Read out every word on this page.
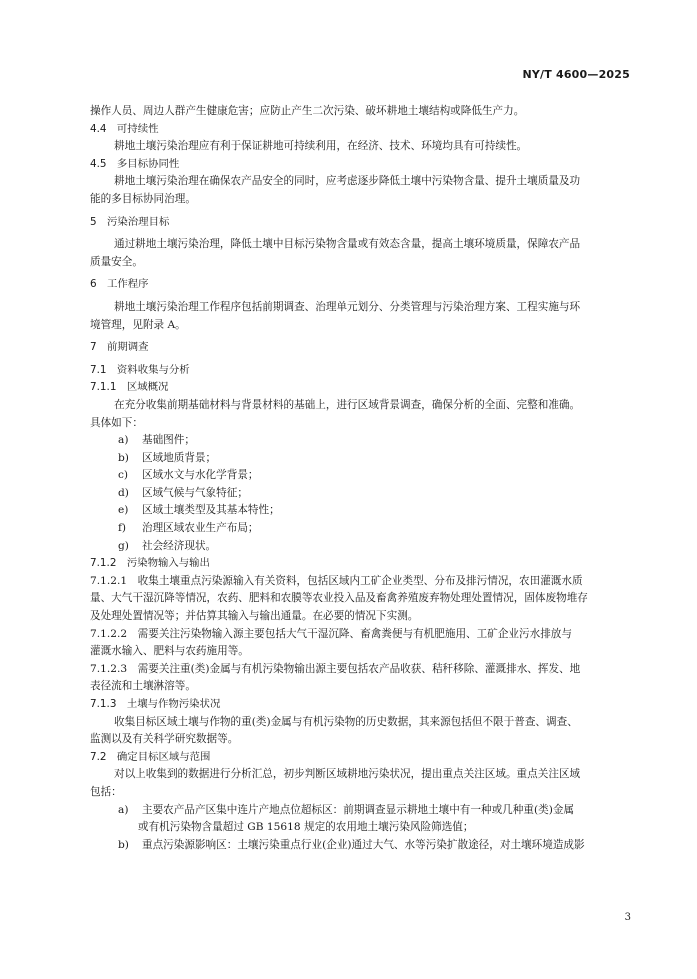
NY/T 4600—2025
操作人员、周边人群产生健康危害；应防止产生二次污染、破坏耕地土壤结构或降低生产力。
4.4　可持续性
耕地土壤污染治理应有利于保证耕地可持续利用，在经济、技术、环境均具有可持续性。
4.5　多目标协同性
耕地土壤污染治理在确保农产品安全的同时，应考虑逐步降低土壤中污染物含量、提升土壤质量及功
能的多目标协同治理。
5　污染治理目标
通过耕地土壤污染治理，降低土壤中目标污染物含量或有效态含量，提高土壤环境质量，保障农产品
质量安全。
6　工作程序
耕地土壤污染治理工作程序包括前期调查、治理单元划分、分类管理与污染治理方案、工程实施与环
境管理，见附录 A。
7　前期调查
7.1　资料收集与分析
7.1.1　区域概况
在充分收集前期基础材料与背景材料的基础上，进行区域背景调查，确保分析的全面、完整和准确。
具体如下：
a) 基础图件；
b) 区域地质背景；
c) 区域水文与水化学背景；
d) 区域气候与气象特征；
e) 区域土壤类型及其基本特性；
f) 治理区域农业生产布局；
g) 社会经济现状。
7.1.2　污染物输入与输出
7.1.2.1　收集土壤重点污染源输入有关资料，包括区域内工矿企业类型、分布及排污情况，农田灌溉水质
量、大气干湿沉降等情况，农药、肥料和农膜等农业投入品及畜禽养殖废弃物处理处置情况，固体废物堆存
及处理处置情况等；并估算其输入与输出通量。在必要的情况下实测。
7.1.2.2　需要关注污染物输入源主要包括大气干湿沉降、畜禽粪便与有机肥施用、工矿企业污水排放与
灌溉水输入、肥料与农药施用等。
7.1.2.3　需要关注重(类)金属与有机污染物输出源主要包括农产品收获、秸秆移除、灌溉排水、挥发、地
表径流和土壤淋溶等。
7.1.3　土壤与作物污染状况
收集目标区域土壤与作物的重(类)金属与有机污染物的历史数据，其来源包括但不限于普查、调查、
监测以及有关科学研究数据等。
7.2　确定目标区域与范围
对以上收集到的数据进行分析汇总，初步判断区域耕地污染状况，提出重点关注区域。重点关注区域
包括：
a) 主要农产品产区集中连片产地点位超标区：前期调查显示耕地土壤中有一种或几种重(类)金属
或有机污染物含量超过 GB 15618 规定的农用地土壤污染风险筛选值；
b) 重点污染源影响区：土壤污染重点行业(企业)通过大气、水等污染扩散途径，对土壤环境造成影
3
